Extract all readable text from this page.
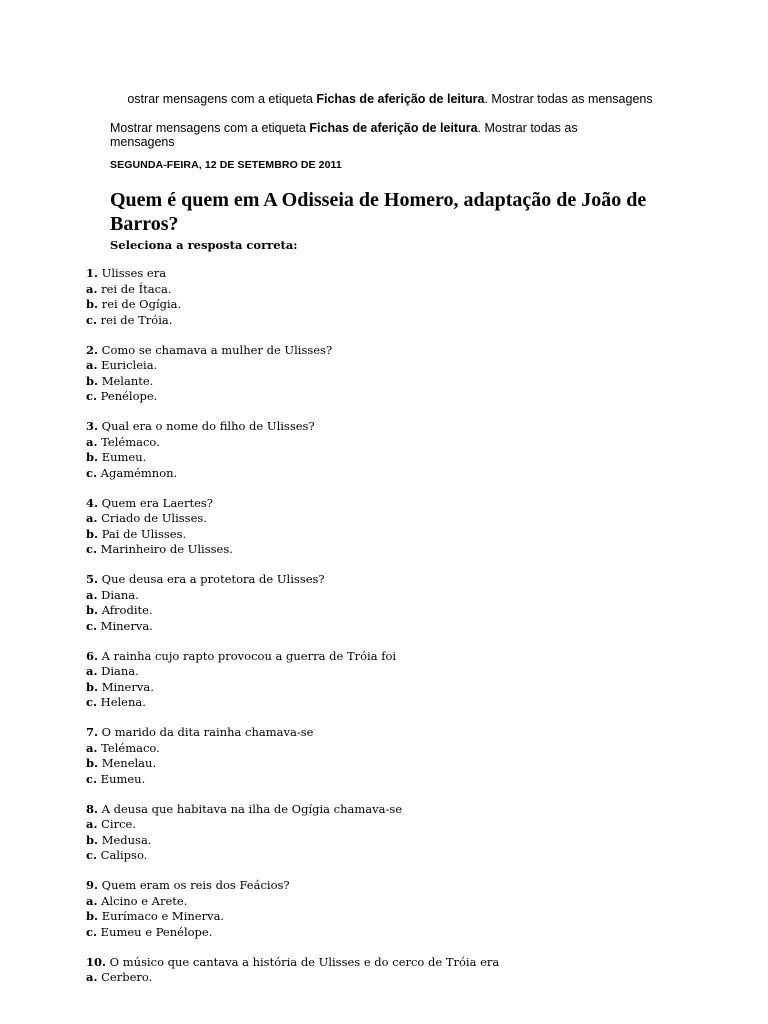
ostrar mensagens com a etiqueta Fichas de aferição de leitura. Mostrar todas as mensagens
Mostrar mensagens com a etiqueta Fichas de aferição de leitura. Mostrar todas as mensagens
SEGUNDA-FEIRA, 12 DE SETEMBRO DE 2011
Quem é quem em A Odisseia de Homero, adaptação de João de Barros?
Seleciona a resposta correta:
1. Ulisses era
a. rei de Ítaca.
b. rei de Ogígia.
c. rei de Tróia.
2. Como se chamava a mulher de Ulisses?
a. Euricleia.
b. Melante.
c. Penélope.
3. Qual era o nome do filho de Ulisses?
a. Telémaco.
b. Eumeu.
c. Agamémnon.
4. Quem era Laertes?
a. Criado de Ulisses.
b. Pai de Ulisses.
c. Marinheiro de Ulisses.
5. Que deusa era a protetora de Ulisses?
a. Diana.
b. Afrodite.
c. Minerva.
6. A rainha cujo rapto provocou a guerra de Tróia foi
a. Diana.
b. Minerva.
c. Helena.
7. O marido da dita rainha chamava-se
a. Telémaco.
b. Menelau.
c. Eumeu.
8. A deusa que habitava na ilha de Ogígia chamava-se
a. Circe.
b. Medusa.
c. Calipso.
9. Quem eram os reis dos Feácios?
a. Alcino e Arete.
b. Eurímaco e Minerva.
c. Eumeu e Penélope.
10. O músico que cantava a história de Ulisses e do cerco de Tróia era
a. Cerbero.
